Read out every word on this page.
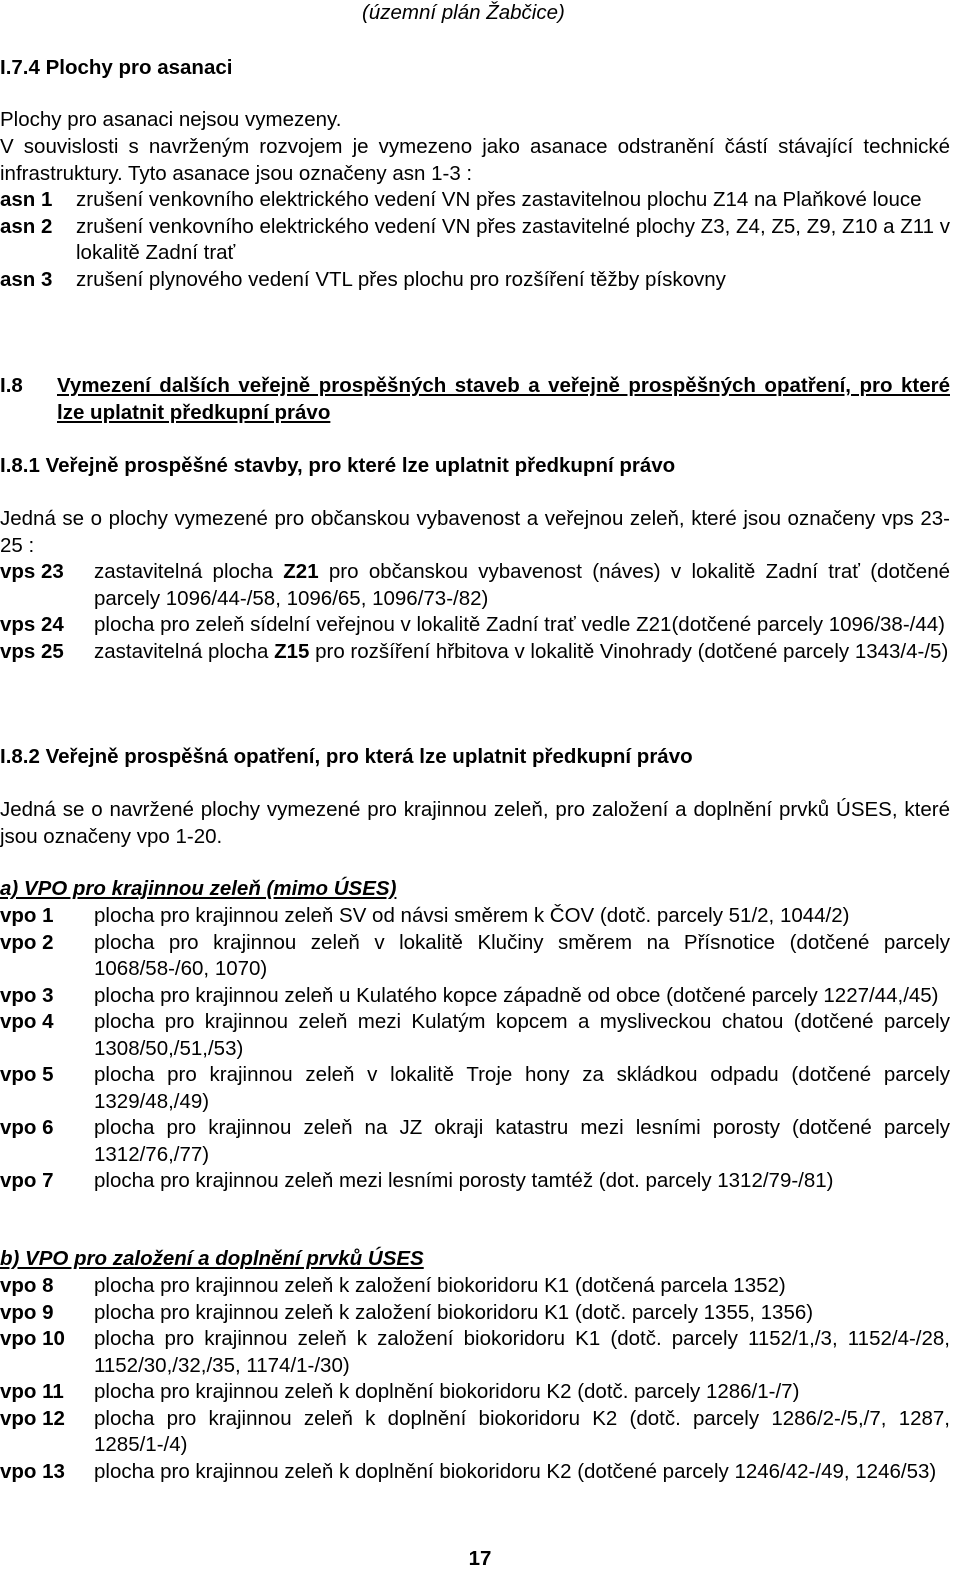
(územní plán Žabčice)
I.7.4 Plochy pro asanaci
Plochy pro asanaci nejsou vymezeny.
V souvislosti s navrženým rozvojem je vymezeno jako asanace odstranění částí stávající technické infrastruktury. Tyto asanace jsou označeny asn 1-3 :
asn 1	zrušení venkovního elektrického vedení VN přes zastavitelnou plochu Z14 na Plaňkové louce
asn 2	zrušení venkovního elektrického vedení VN přes zastavitelné plochy Z3, Z4, Z5, Z9, Z10 a Z11 v lokalitě Zadní trať
asn 3	zrušení plynového vedení VTL přes plochu pro rozšíření těžby pískovny
I.8	Vymezení dalších veřejně prospěšných staveb a veřejně prospěšných opatření, pro které lze uplatnit předkupní právo
I.8.1 Veřejně prospěšné stavby, pro které lze uplatnit předkupní právo
Jedná se o plochy vymezené pro občanskou vybavenost a veřejnou zeleň, které jsou označeny vps 23-25 :
vps 23	zastavitelná plocha Z21 pro občanskou vybavenost (náves) v lokalitě Zadní trať (dotčené parcely 1096/44-/58, 1096/65, 1096/73-/82)
vps 24	plocha pro zeleň sídelní veřejnou v lokalitě Zadní trať vedle Z21(dotčené parcely 1096/38-/44)
vps 25	zastavitelná plocha Z15 pro rozšíření hřbitova v lokalitě Vinohrady (dotčené parcely 1343/4-/5)
I.8.2 Veřejně prospěšná opatření, pro která lze uplatnit předkupní právo
Jedná se o navržené plochy vymezené pro krajinnou zeleň, pro založení a doplnění prvků ÚSES, které jsou označeny vpo 1-20.
a) VPO pro krajinnou zeleň (mimo ÚSES)
vpo 1	plocha pro krajinnou zeleň SV od návsi směrem k ČOV (dotč. parcely 51/2, 1044/2)
vpo 2	plocha pro krajinnou zeleň v lokalitě Klučiny směrem na Přísnotice (dotčené parcely 1068/58-/60, 1070)
vpo 3	plocha pro krajinnou zeleň u Kulatého kopce západně od obce (dotčené parcely 1227/44,/45)
vpo 4	plocha pro krajinnou zeleň mezi Kulatým kopcem a mysliveckou chatou (dotčené parcely 1308/50,/51,/53)
vpo 5	plocha pro krajinnou zeleň v lokalitě Troje hony za skládkou odpadu (dotčené parcely 1329/48,/49)
vpo 6	plocha pro krajinnou zeleň na JZ okraji katastru mezi lesními porosty (dotčené parcely 1312/76,/77)
vpo 7	plocha pro krajinnou zeleň mezi lesními porosty tamtéž (dot. parcely 1312/79-/81)
b) VPO pro založení a doplnění prvků ÚSES
vpo 8	plocha pro krajinnou zeleň k založení biokoridoru K1 (dotčená parcela 1352)
vpo 9	plocha pro krajinnou zeleň k založení biokoridoru K1 (dotč. parcely 1355, 1356)
vpo 10	plocha pro krajinnou zeleň k založení biokoridoru K1 (dotč. parcely 1152/1,/3, 1152/4-/28, 1152/30,/32,/35, 1174/1-/30)
vpo 11	plocha pro krajinnou zeleň k doplnění biokoridoru K2 (dotč. parcely 1286/1-/7)
vpo 12	plocha pro krajinnou zeleň k doplnění biokoridoru K2 (dotč. parcely 1286/2-/5,/7, 1287, 1285/1-/4)
vpo 13	plocha pro krajinnou zeleň k doplnění biokoridoru K2 (dotčené parcely 1246/42-/49, 1246/53)
17
